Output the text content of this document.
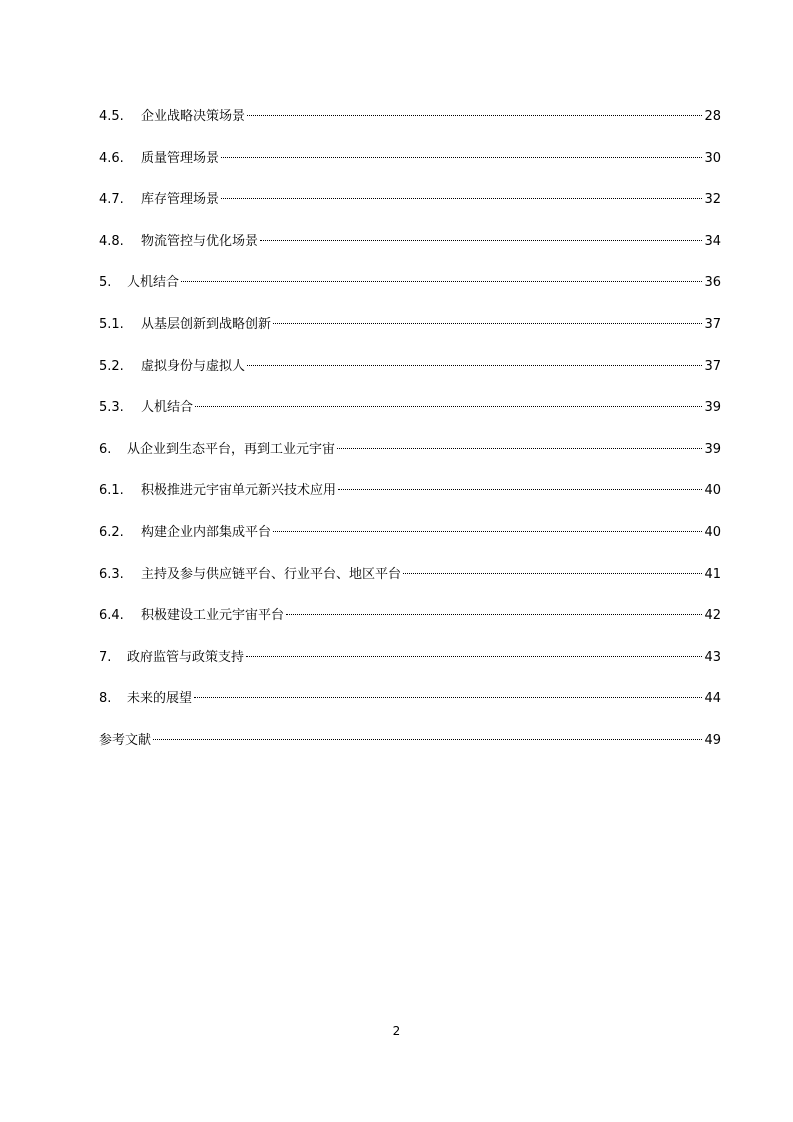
4.5.	企业战略决策场景	28
4.6.	质量管理场景	30
4.7.	库存管理场景	32
4.8.	物流管控与优化场景	34
5.	人机结合	36
5.1.	从基层创新到战略创新	37
5.2.	虚拟身份与虚拟人	37
5.3.	人机结合	39
6.	从企业到生态平台，再到工业元宇宙	39
6.1.	积极推进元宇宙单元新兴技术应用	40
6.2.	构建企业内部集成平台	40
6.3.	主持及参与供应链平台、行业平台、地区平台	41
6.4.	积极建设工业元宇宙平台	42
7.	政府监管与政策支持	43
8.	未来的展望	44
参考文献	49
2
